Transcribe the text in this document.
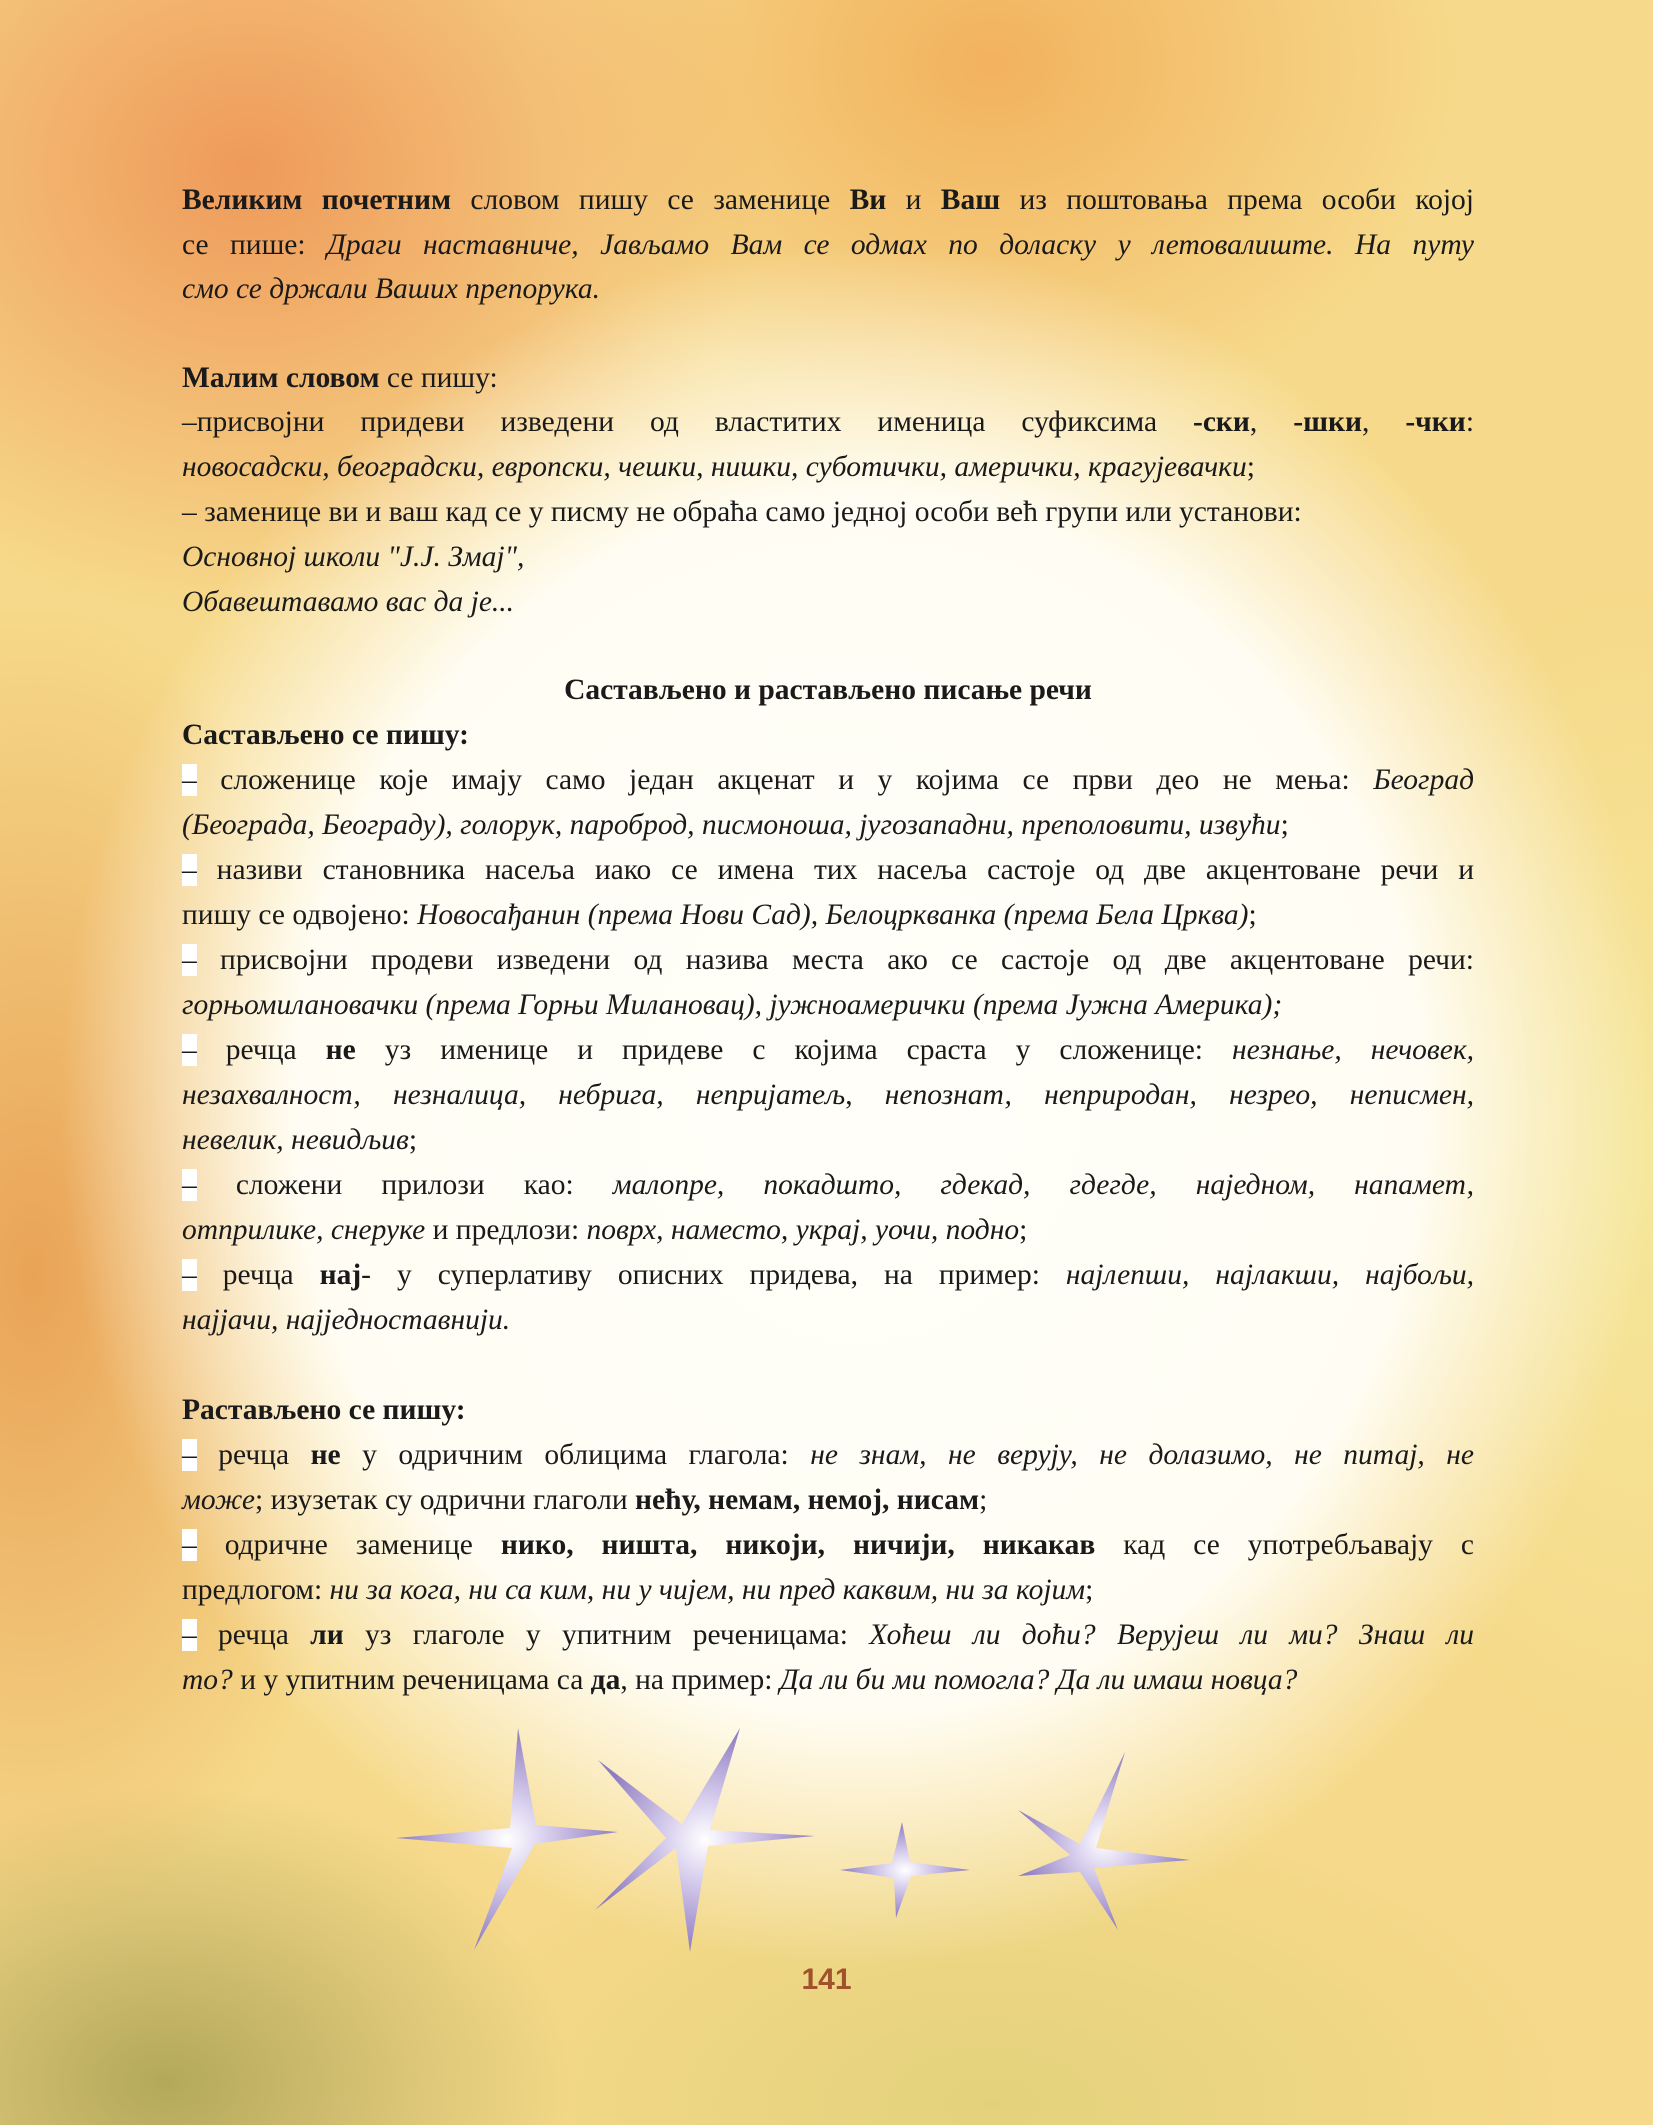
Великим почетним словом пишу се заменице Ви и Ваш из поштовања према особи којој
се пише: Драги наставниче, Јављамо Вам се одмах по доласку у летовалиште. На путу
смо се држали Ваших препорука.
Малим словом се пишу:
–присвојни придеви изведени од властитих именица суфиксима -ски, -шки, -чки:
новосадски, београдски, европски, чешки, нишки, суботички, амерички, крагујевачки;
– заменице ви и ваш кад се у писму не обраћа само једној особи већ групи или установи:
Основној школи "Ј.Ј. Змај",
Обавештавамо вас да је...
Састављено и растављено писање речи
Састављено се пишу:
– сложенице које имају само један акценат и у којима се први део не мења: Београд
(Београда, Београду), голорук, пароброд, писмоноша, југозападни, преполовити, извући;
– називи становника насеља иако се имена тих насеља састоје од две акцентоване речи и
пишу се одвојено: Новосађанин (према Нови Сад), Белоцркванка (према Бела Црква);
– присвојни продеви изведени од назива места ако се састоје од две акцентоване речи:
горњомилановачки (према Горњи Милановац), јужноамерички (према Јужна Америка);
– речца не уз именице и придеве с којима срастa у сложенице: незнање, нечовек,
незахвалност, незналица, небрига, непријатељ, непознат, неприродан, незрео, неписмен,
невелик, невидљив;
– сложени прилози као: малопре, покадшто, гдекад, гдегде, наједном, напамет,
отприлике, снеруке и предлози: поврх, наместо, украј, уочи, подно;
– речца нај- у суперлативу описних придева, на пример: најлепши, најлакши, најбољи,
најјачи, најједноставнији.
Растављено се пишу:
– речца не у одричним облицима глагола: не знам, не верују, не долазимо, не питај, не
може; изузетак су одрични глаголи нећу, немам, немој, нисам;
– одричне заменице нико, ништа, никоји, ничији, никакав кад се употребљавају с
предлогом: ни за кога, ни са ким, ни у чијем, ни пред каквим, ни за којим;
– речца ли уз глаголе у упитним реченицама: Хоћеш ли доћи? Верујеш ли ми? Знаш ли
то? и у упитним реченицама са да, на пример: Да ли би ми помогла? Да ли имаш новца?
141
